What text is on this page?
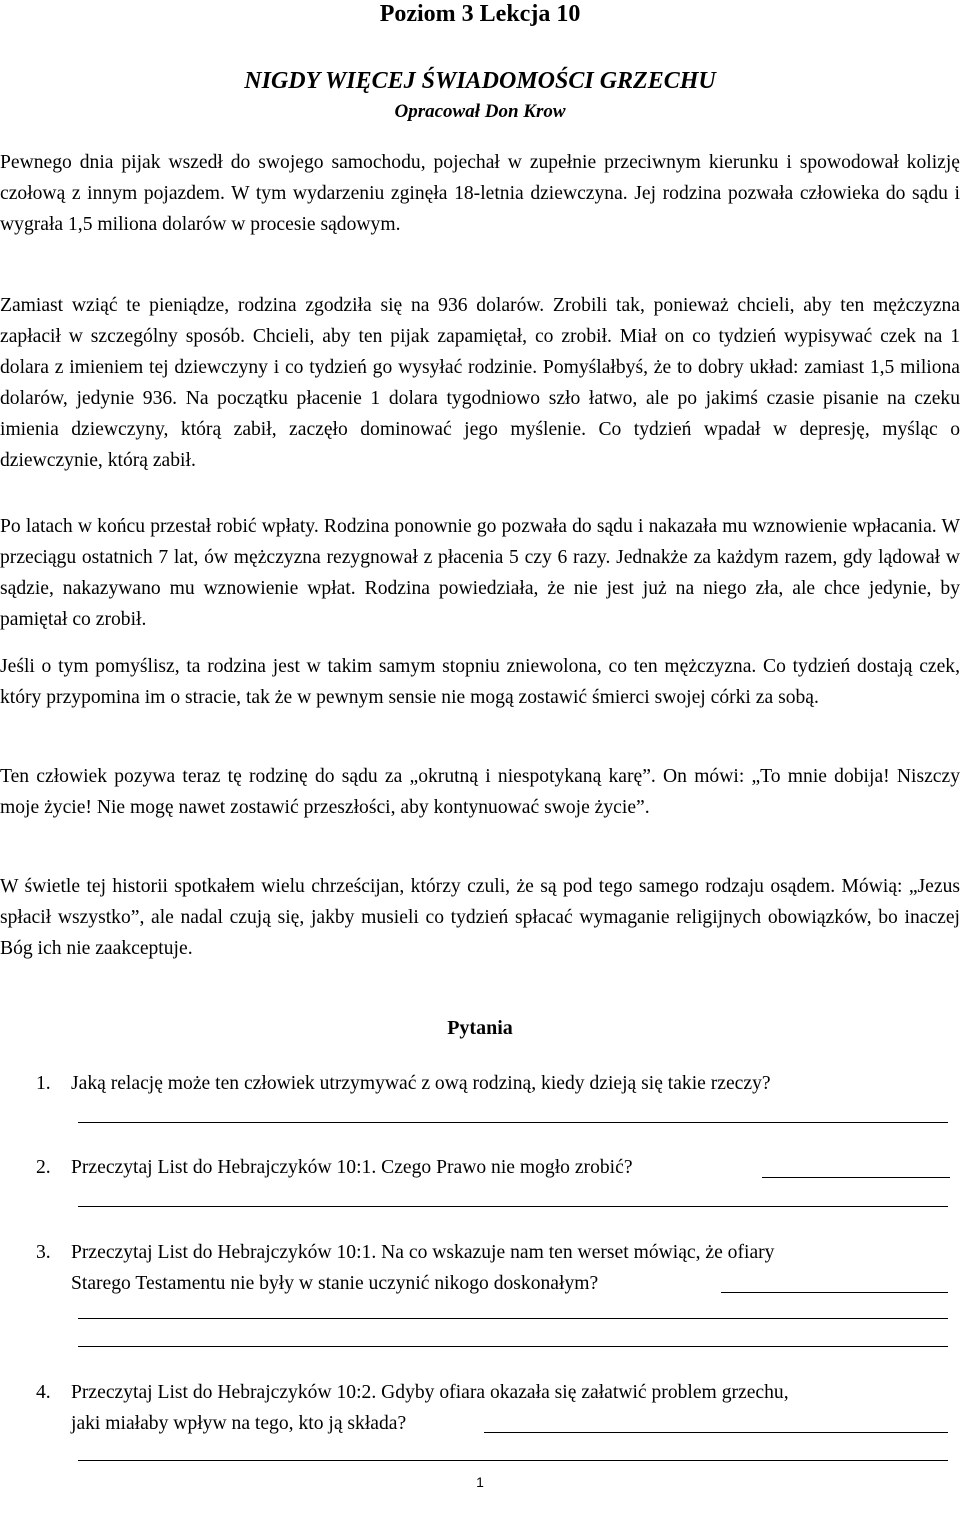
Poziom 3 Lekcja 10
NIGDY WIĘCEJ ŚWIADOMOŚCI GRZECHU
Opracował Don Krow

Pewnego dnia pijak wszedł do swojego samochodu, pojechał w zupełnie przeciwnym kierunku i spowodował kolizję czołową z innym pojazdem. W tym wydarzeniu zginęła 18-letnia dziewczyna. Jej rodzina pozwała człowieka do sądu i wygrała 1,5 miliona dolarów w procesie sądowym.

Zamiast wziąć te pieniądze, rodzina zgodziła się na 936 dolarów. Zrobili tak, ponieważ chcieli, aby ten mężczyzna zapłacił w szczególny sposób. Chcieli, aby ten pijak zapamiętał, co zrobił. Miał on co tydzień wypisywać czek na 1 dolara z imieniem tej dziewczyny i co tydzień go wysyłać rodzinie. Pomyślałbyś, że to dobry układ: zamiast 1,5 miliona dolarów, jedynie 936. Na początku płacenie 1 dolara tygodniowo szło łatwo, ale po jakimś czasie pisanie na czeku imienia dziewczyny, którą zabił, zaczęło dominować jego myślenie. Co tydzień wpadał w depresję, myśląc o dziewczynie, którą zabił.

Po latach w końcu przestał robić wpłaty. Rodzina ponownie go pozwała do sądu i nakazała mu wznowienie wpłacania. W przeciągu ostatnich 7 lat, ów mężczyzna rezygnował z płacenia 5 czy 6 razy. Jednakże za każdym razem, gdy lądował w sądzie, nakazywano mu wznowienie wpłat. Rodzina powiedziała, że nie jest już na niego zła, ale chce jedynie, by pamiętał co zrobił.

Jeśli o tym pomyślisz, ta rodzina jest w takim samym stopniu zniewolona, co ten mężczyzna. Co tydzień dostają czek, który przypomina im o stracie, tak że w pewnym sensie nie mogą zostawić śmierci swojej córki za sobą.

Ten człowiek pozywa teraz tę rodzinę do sądu za „okrutną i niespotykaną karę”. On mówi: „To mnie dobija! Niszczy moje życie! Nie mogę nawet zostawić przeszłości, aby kontynuować swoje życie”.

W świetle tej historii spotkałem wielu chrześcijan, którzy czuli, że są pod tego samego rodzaju osądem. Mówią: „Jezus spłacił wszystko”, ale nadal czują się, jakby musieli co tydzień spłacać wymaganie religijnych obowiązków, bo inaczej Bóg ich nie zaakceptuje.

Pytania
1. Jaką relację może ten człowiek utrzymywać z ową rodziną, kiedy dzieją się takie rzeczy?
2. Przeczytaj List do Hebrajczyków 10:1. Czego Prawo nie mogło zrobić?
3. Przeczytaj List do Hebrajczyków 10:1. Na co wskazuje nam ten werset mówiąc, że ofiary
Starego Testamentu nie były w stanie uczynić nikogo doskonałym?
4. Przeczytaj List do Hebrajczyków 10:2. Gdyby ofiara okazała się załatwić problem grzechu,
jaki miałaby wpływ na tego, kto ją składa?
1
